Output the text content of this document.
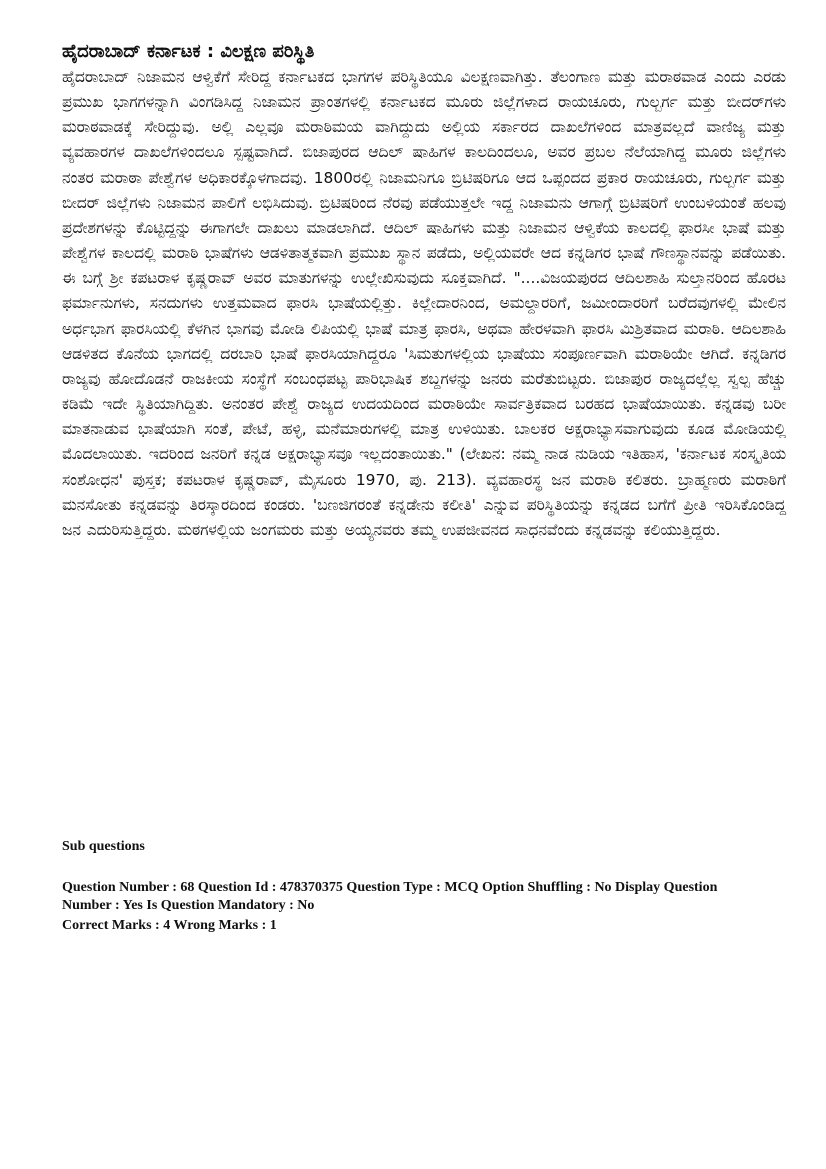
ಹೈದರಾಬಾದ್ ಕರ್ನಾಟಕ : ವಿಲಕ್ಷಣ ಪರಿಸ್ಥಿತಿ
ಹೈದರಾಬಾದ್ ನಿಜಾಮನ ಆಳ್ವಿಕೆಗೆ ಸೇರಿದ್ದ ಕರ್ನಾಟಕದ ಭಾಗಗಳ ಪರಿಸ್ಥಿತಿಯೂ ವಿಲಕ್ಷಣವಾಗಿತ್ತು. ತೆಲಂಗಾಣ ಮತ್ತು ಮರಾಠವಾಡ ಎಂದು ಎರಡು ಪ್ರಮುಖ ಭಾಗಗಳನ್ನಾಗಿ ವಿಂಗಡಿಸಿದ್ದ ನಿಜಾಮನ ಪ್ರಾಂತಗಳಲ್ಲಿ ಕರ್ನಾಟಕದ ಮೂರು ಜಿಲ್ಲೆಗಳಾದ ರಾಯಚೂರು, ಗುಲ್ಬರ್ಗ ಮತ್ತು ಬೀದರ್‌ಗಳು ಮರಾಠವಾಡಕ್ಕೆ ಸೇರಿದ್ದುವು. ಅಲ್ಲಿ ಎಲ್ಲವೂ ಮರಾಠಿಮಯ ವಾಗಿದ್ದುದು ಅಲ್ಲಿಯ ಸರ್ಕಾರದ ದಾಖಲೆಗಳಿಂದ ಮಾತ್ರವಲ್ಲದೆ ವಾಣಿಜ್ಯ ಮತ್ತು ವ್ಯವಹಾರಗಳ ದಾಖಲೆಗಳಿಂದಲೂ ಸ್ಪಷ್ಟವಾಗಿದೆ. ಬಿಜಾಪುರದ ಆದಿಲ್ ಷಾಹಿಗಳ ಕಾಲದಿಂದಲೂ, ಅವರ ಪ್ರಬಲ ನೆಲೆಯಾಗಿದ್ದ ಮೂರು ಜಿಲ್ಲೆಗಳು ನಂತರ ಮರಾಠಾ ಪೇಶ್ವೆಗಳ ಅಧಿಕಾರಕ್ಕೊಳಗಾದವು. 1800ರಲ್ಲಿ ನಿಜಾಮನಿಗೂ ಬ್ರಿಟಿಷರಿಗೂ ಆದ ಒಪ್ಪಂದದ ಪ್ರಕಾರ ರಾಯಚೂರು, ಗುಲ್ಬರ್ಗ ಮತ್ತು ಬೀದರ್ ಜಿಲ್ಲೆಗಳು ನಿಜಾಮನ ಪಾಲಿಗೆ ಲಭಿಸಿದುವು. ಬ್ರಿಟಿಷರಿಂದ ನೆರವು ಪಡೆಯುತ್ತಲೇ ಇದ್ದ ನಿಜಾಮನು ಆಗಾಗ್ಗೆ ಬ್ರಿಟಿಷರಿಗೆ ಉಂಬಳಿಯಂತೆ ಹಲವು ಪ್ರದೇಶಗಳನ್ನು ಕೊಟ್ಟಿದ್ದನ್ನು ಈಗಾಗಲೇ ದಾಖಲು ಮಾಡಲಾಗಿದೆ. ಆದಿಲ್ ಷಾಹಿಗಳು ಮತ್ತು ನಿಜಾಮನ ಆಳ್ವಿಕೆಯ ಕಾಲದಲ್ಲಿ ಫಾರಸೀ ಭಾಷೆ ಮತ್ತು ಪೇಶ್ವೆಗಳ ಕಾಲದಲ್ಲಿ ಮರಾಠಿ ಭಾಷೆಗಳು ಆಡಳಿತಾತ್ಮಕವಾಗಿ ಪ್ರಮುಖ ಸ್ಥಾನ ಪಡೆದು, ಅಲ್ಲಿಯವರೇ ಆದ ಕನ್ನಡಿಗರ ಭಾಷೆ ಗೌಣಸ್ಥಾನವನ್ನು ಪಡೆಯಿತು. ಈ ಬಗ್ಗೆ ಶ್ರೀ ಕಪಟರಾಳ ಕೃಷ್ಣರಾವ್ ಅವರ ಮಾತುಗಳನ್ನು ಉಲ್ಲೇಖಿಸುವುದು ಸೂಕ್ತವಾಗಿದೆ. "....ವಿಜಯಪುರದ ಆದಿಲಶಾಹಿ ಸುಲ್ತಾನರಿಂದ ಹೊರಟ ಫರ್ಮಾನುಗಳು, ಸನದುಗಳು ಉತ್ತಮವಾದ ಫಾರಸಿ ಭಾಷೆಯಲ್ಲಿತ್ತು. ಕಿಲ್ಲೇದಾರನಿಂದ, ಅಮಲ್ದಾರರಿಗೆ, ಜಮೀಂದಾರರಿಗೆ ಬರೆದವುಗಳಲ್ಲಿ ಮೇಲಿನ ಅರ್ಧಭಾಗ ಫಾರಸಿಯಲ್ಲಿ ಕೆಳಗಿನ ಭಾಗವು ಮೋಡಿ ಲಿಪಿಯಲ್ಲಿ ಭಾಷೆ ಮಾತ್ರ ಫಾರಸಿ, ಅಥವಾ ಹೇರಳವಾಗಿ ಫಾರಸಿ ಮಿಶ್ರಿತವಾದ ಮರಾಠಿ. ಆದಿಲಶಾಹಿ ಆಡಳಿತದ ಕೊನೆಯ ಭಾಗದಲ್ಲಿ ದರಬಾರಿ ಭಾಷೆ ಫಾರಸಿಯಾಗಿದ್ದರೂ 'ಸಿಮತುಗಳಲ್ಲಿಯ ಭಾಷೆಯು ಸಂಪೂರ್ಣವಾಗಿ ಮರಾಠಿಯೇ ಆಗಿದೆ. ಕನ್ನಡಿಗರ ರಾಜ್ಯವು ಹೋದೊಡನೆ ರಾಜಕೀಯ ಸಂಸ್ಥೆಗೆ ಸಂಬಂಧಪಟ್ಟ ಪಾರಿಭಾಷಿಕ ಶಬ್ದಗಳನ್ನು ಜನರು ಮರೆತುಬಿಟ್ಟರು. ಬಿಜಾಪುರ ರಾಜ್ಯದಲ್ಲೆಲ್ಲ ಸ್ವಲ್ಪ ಹೆಚ್ಚು ಕಡಿಮೆ ಇದೇ ಸ್ಥಿತಿಯಾಗಿದ್ದಿತು. ಅನಂತರ ಪೇಶ್ವೆ ರಾಜ್ಯದ ಉದಯದಿಂದ ಮರಾಠಿಯೇ ಸಾರ್ವತ್ರಿಕವಾದ ಬರಹದ ಭಾಷೆಯಾಯಿತು. ಕನ್ನಡವು ಬರೀ ಮಾತನಾಡುವ ಭಾಷೆಯಾಗಿ ಸಂತೆ, ಪೇಟೆ, ಹಳ್ಳಿ, ಮನೆಮಾರುಗಳಲ್ಲಿ ಮಾತ್ರ ಉಳಿಯಿತು. ಬಾಲಕರ ಅಕ್ಷರಾಭ್ಯಾಸವಾಗುವುದು ಕೂಡ ಮೋಡಿಯಲ್ಲಿ ಮೊದಲಾಯಿತು. ಇದರಿಂದ ಜನರಿಗೆ ಕನ್ನಡ ಅಕ್ಷರಾಭ್ಯಾಸವೂ ಇಲ್ಲದಂತಾಯಿತು." (ಲೇಖನ: ನಮ್ಮ ನಾಡ ನುಡಿಯ ಇತಿಹಾಸ, 'ಕರ್ನಾಟಕ ಸಂಸ್ಕೃತಿಯ ಸಂಶೋಧನ' ಪುಸ್ತಕ; ಕಪಟರಾಳ ಕೃಷ್ಣರಾವ್, ಮೈಸೂರು 1970, ಪು. 213). ವ್ಯವಹಾರಸ್ಥ ಜನ ಮರಾಠಿ ಕಲಿತರು. ಬ್ರಾಹ್ಮಣರು ಮರಾಠಿಗೆ ಮನಸೋತು ಕನ್ನಡವನ್ನು ತಿರಸ್ಕಾರದಿಂದ ಕಂಡರು. 'ಬಣಜಿಗರಂತೆ ಕನ್ನಡೇನು ಕಲೀತಿ' ಎನ್ನುವ ಪರಿಸ್ಥಿತಿಯನ್ನು ಕನ್ನಡದ ಬಗೆಗೆ ಪ್ರೀತಿ ಇರಿಸಿಕೊಂಡಿದ್ದ ಜನ ಎದುರಿಸುತ್ತಿದ್ದರು. ಮಠಗಳಲ್ಲಿಯ ಜಂಗಮರು ಮತ್ತು ಅಯ್ಯನವರು ತಮ್ಮ ಉಪಜೀವನದ ಸಾಧನವೆಂದು ಕನ್ನಡವನ್ನು ಕಲಿಯುತ್ತಿದ್ದರು.
Sub questions
Question Number : 68 Question Id : 478370375 Question Type : MCQ Option Shuffling : No Display Question
Number : Yes Is Question Mandatory : No
Correct Marks : 4 Wrong Marks : 1
